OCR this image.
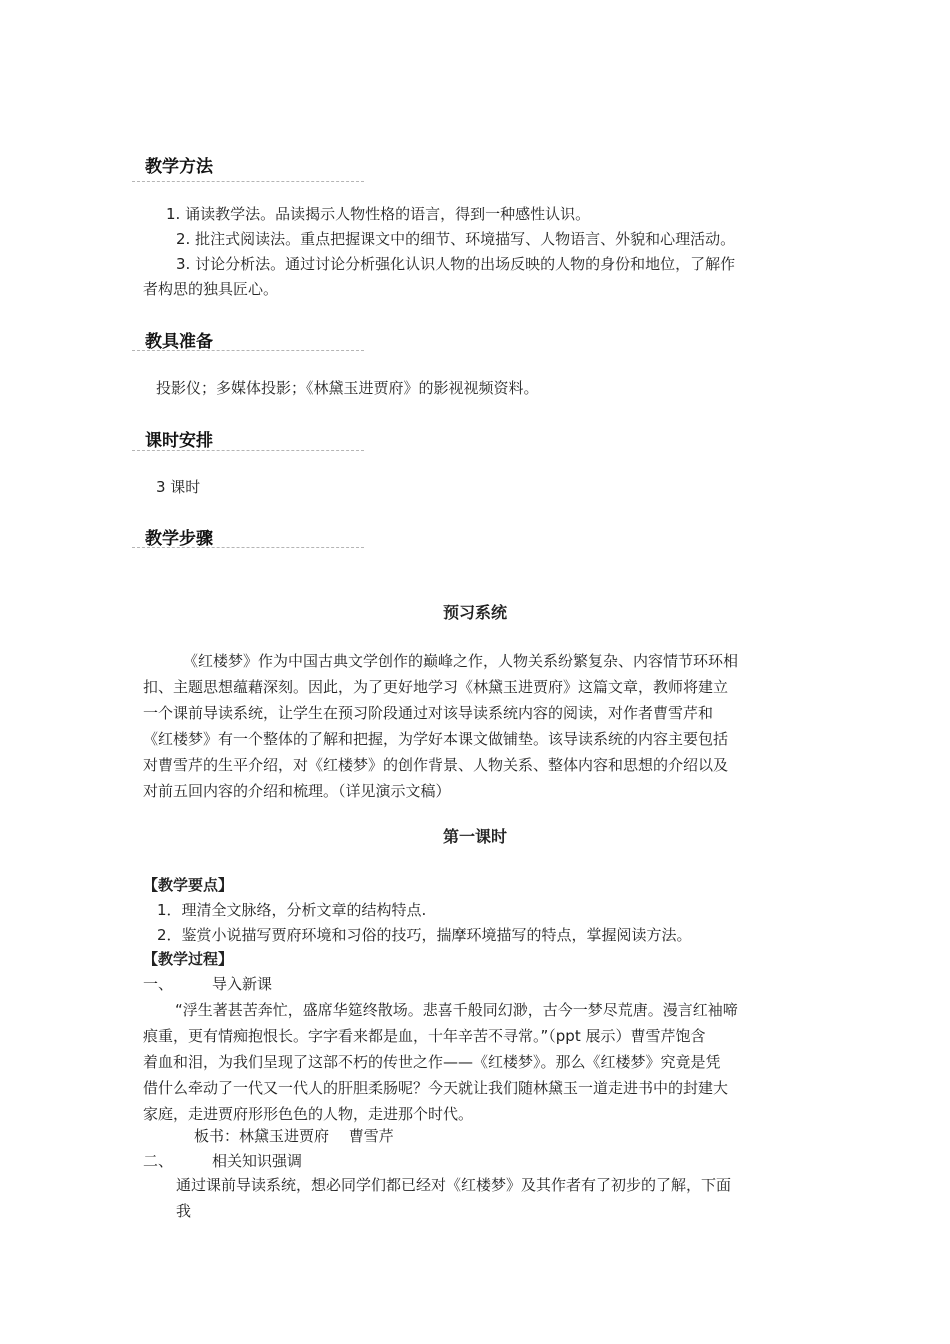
教学方法
1. 诵读教学法。品读揭示人物性格的语言，得到一种感性认识。
2. 批注式阅读法。重点把握课文中的细节、环境描写、人物语言、外貌和心理活动。
3. 讨论分析法。通过讨论分析强化认识人物的出场反映的人物的身份和地位，了解作
者构思的独具匠心。
教具准备
投影仪；多媒体投影；《林黛玉进贾府》的影视视频资料。
课时安排
3 课时
教学步骤
预习系统
《红楼梦》作为中国古典文学创作的巅峰之作，人物关系纷繁复杂、内容情节环环相
扣、主题思想蕴藉深刻。因此，为了更好地学习《林黛玉进贾府》这篇文章，教师将建立
一个课前导读系统，让学生在预习阶段通过对该导读系统内容的阅读，对作者曹雪芹和
《红楼梦》有一个整体的了解和把握，为学好本课文做铺垫。该导读系统的内容主要包括
对曹雪芹的生平介绍，对《红楼梦》的创作背景、人物关系、整体内容和思想的介绍以及
对前五回内容的介绍和梳理。（详见演示文稿）
第一课时
【教学要点】
1．理清全文脉络，分析文章的结构特点.
2．鉴赏小说描写贾府环境和习俗的技巧，揣摩环境描写的特点，掌握阅读方法。
【教学过程】
一、	导入新课
“浮生著甚苦奔忙，盛席华筵终散场。悲喜千般同幻渺，古今一梦尽荒唐。漫言红袖啼
痕重，更有情痴抱恨长。字字看来都是血，十年辛苦不寻常。”（ppt 展示）曹雪芹饱含
着血和泪，为我们呈现了这部不朽的传世之作——《红楼梦》。那么《红楼梦》究竟是凭
借什么牵动了一代又一代人的肝胆柔肠呢？今天就让我们随林黛玉一道走进书中的封建大
家庭，走进贾府形形色色的人物，走进那个时代。
板书：林黛玉进贾府　 曹雪芹
二、	相关知识强调
通过课前导读系统，想必同学们都已经对《红楼梦》及其作者有了初步的了解，下面
我
